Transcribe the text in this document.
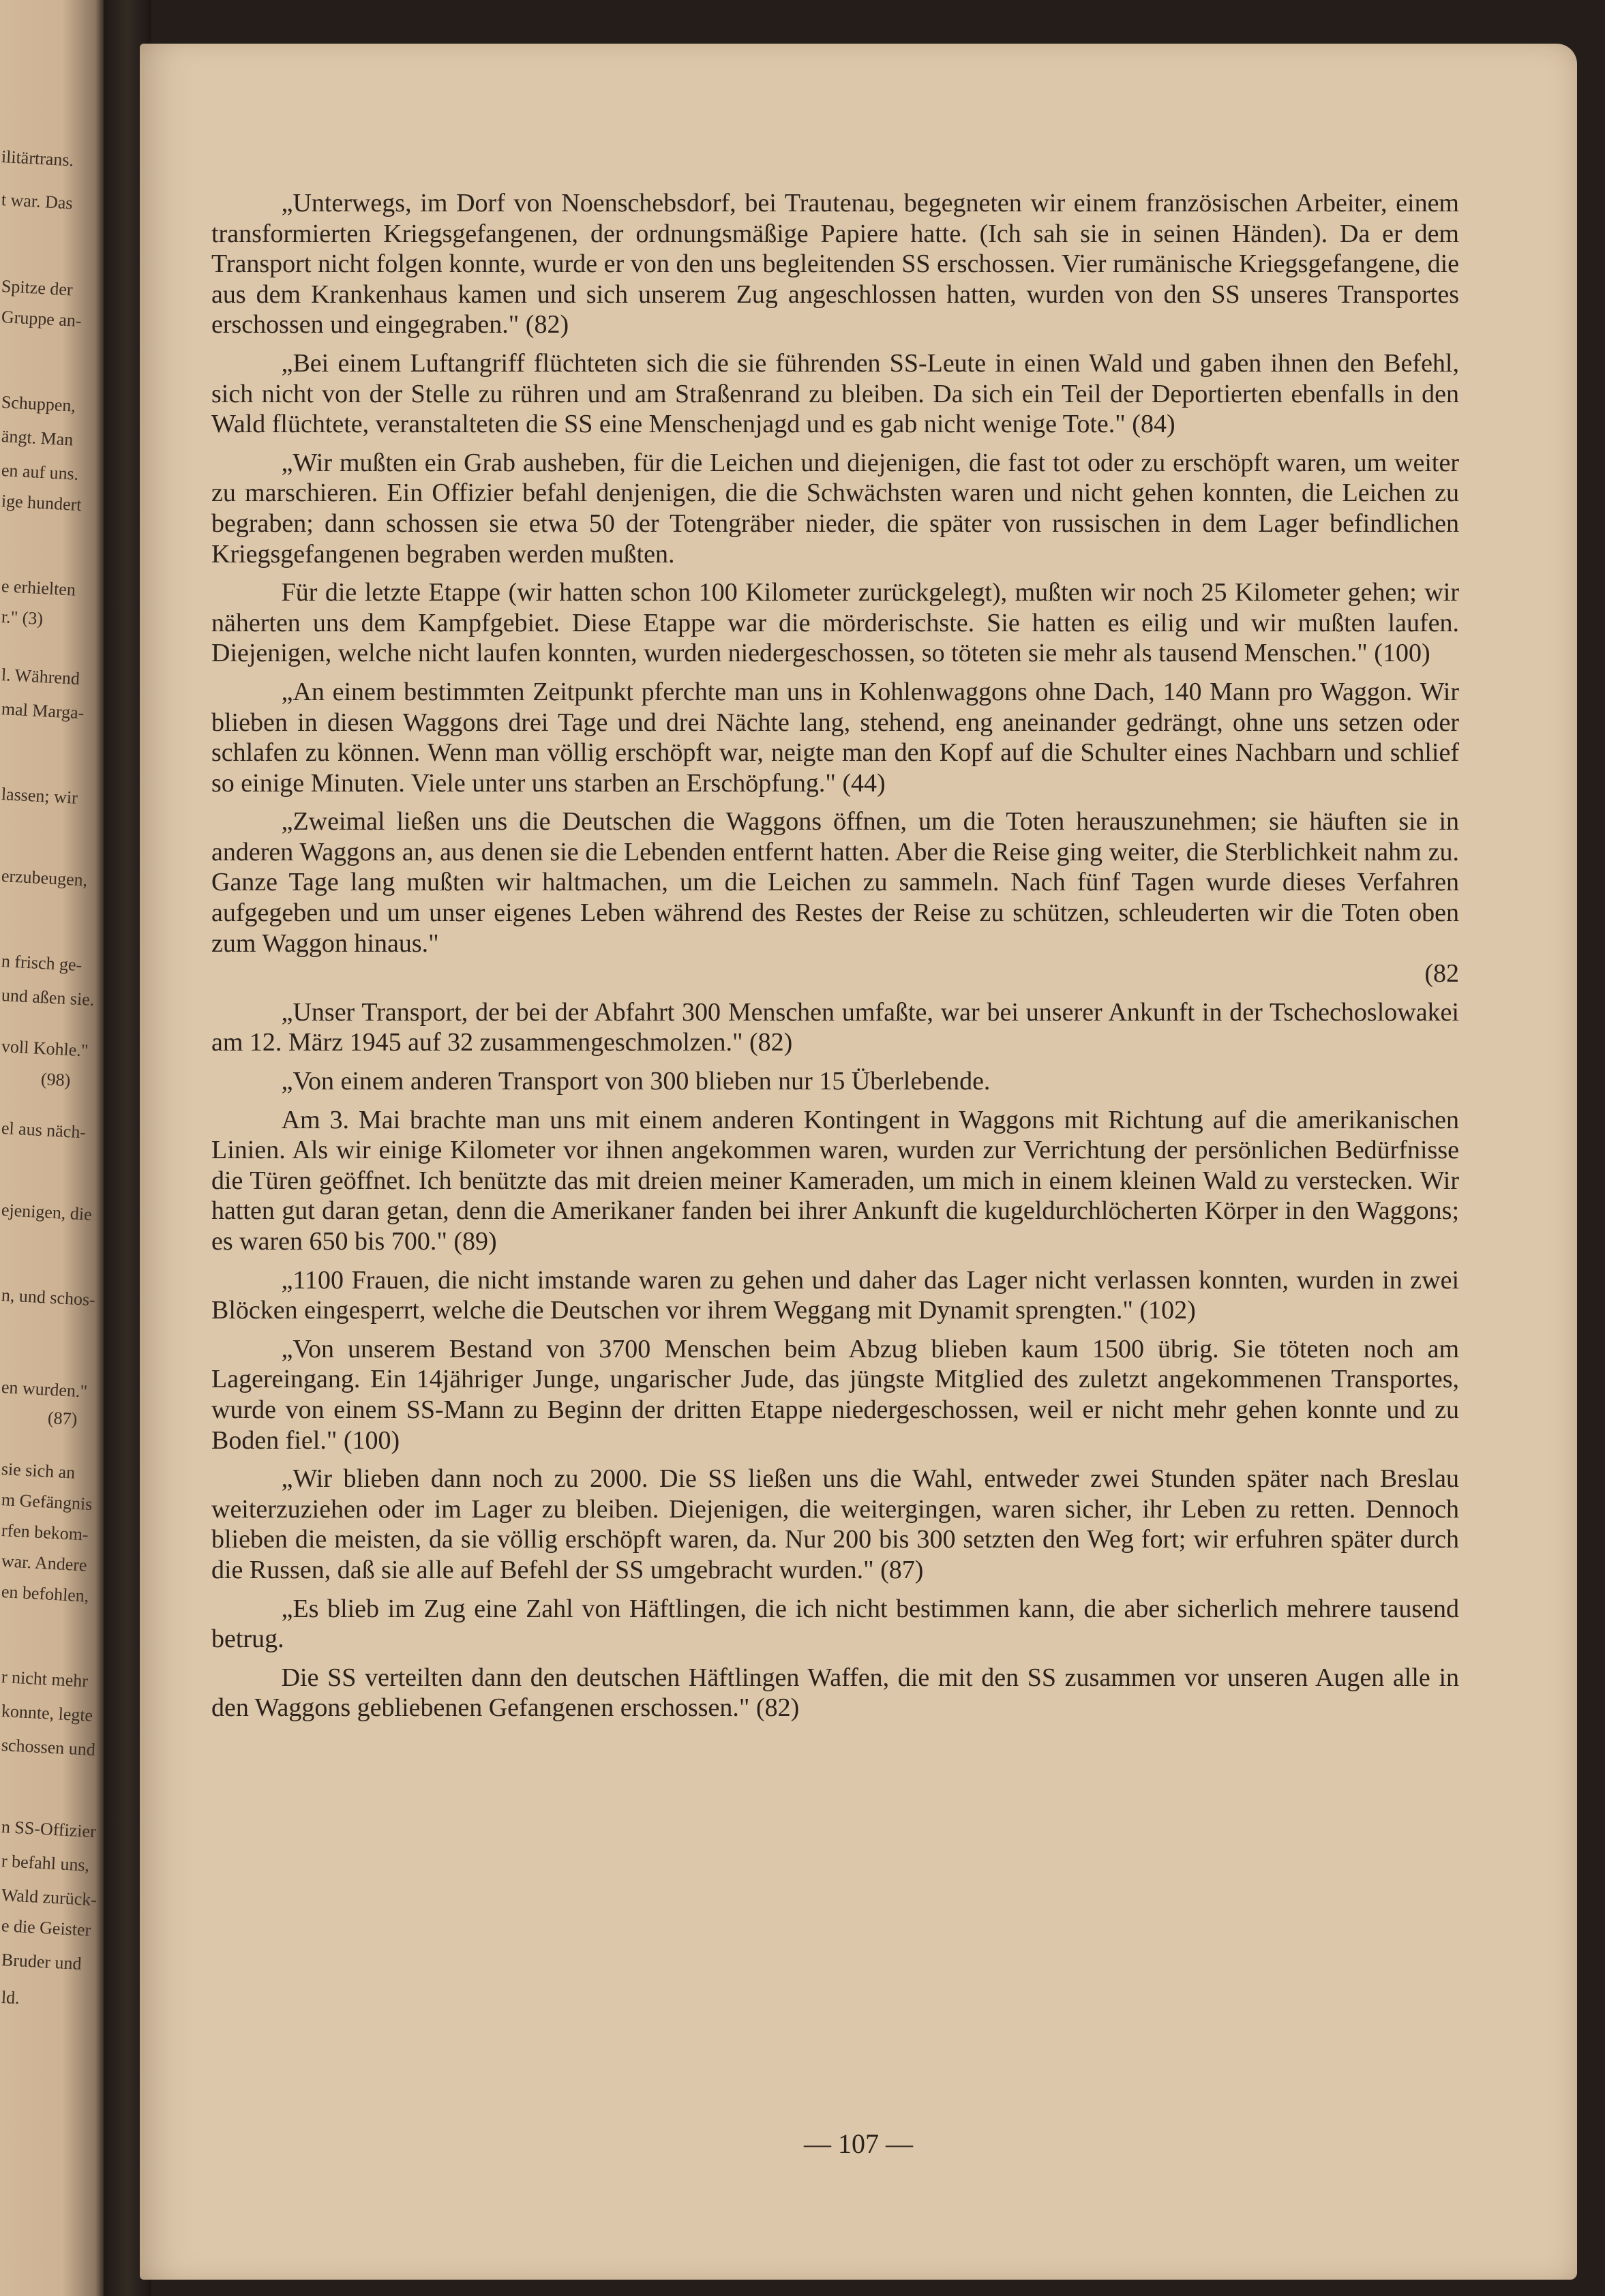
ilitärtrans.
t war. Das
Spitze der
Gruppe an-
Schuppen,
ängt. Man
en auf uns.
ige hundert
e erhielten
r." (3)
l. Während
mal Marga-
lassen; wir
erzubeugen,
n frisch ge-
und aßen sie.
voll Kohle."
(98)
el aus näch-
ejenigen, die
n, und schos-
en wurden."
(87)
sie sich an
m Gefängnis
rfen bekom-
war. Andere
en befohlen,
r nicht mehr
konnte, legte
schossen und
n SS-Offizier
r befahl uns,
Wald zurück-
e die Geister
Bruder und
ld.

„Unterwegs, im Dorf von Noenschebsdorf, bei Trautenau, begegneten wir einem französischen Arbeiter, einem transformierten Kriegsgefangenen, der ordnungsmäßige Papiere hatte. (Ich sah sie in seinen Händen). Da er dem Transport nicht folgen konnte, wurde er von den uns begleitenden SS erschossen. Vier rumänische Kriegsgefangene, die aus dem Krankenhaus kamen und sich unserem Zug angeschlossen hatten, wurden von den SS unseres Transportes erschossen und eingegraben." (82)

„Bei einem Luftangriff flüchteten sich die sie führenden SS-Leute in einen Wald und gaben ihnen den Befehl, sich nicht von der Stelle zu rühren und am Straßenrand zu bleiben. Da sich ein Teil der Deportierten ebenfalls in den Wald flüchtete, veranstalteten die SS eine Menschenjagd und es gab nicht wenige Tote." (84)

„Wir mußten ein Grab ausheben, für die Leichen und diejenigen, die fast tot oder zu erschöpft waren, um weiter zu marschieren. Ein Offizier befahl denjenigen, die die Schwächsten waren und nicht gehen konnten, die Leichen zu begraben; dann schossen sie etwa 50 der Totengräber nieder, die später von russischen in dem Lager befindlichen Kriegsgefangenen begraben werden mußten.

Für die letzte Etappe (wir hatten schon 100 Kilometer zurückgelegt), mußten wir noch 25 Kilometer gehen; wir näherten uns dem Kampfgebiet. Diese Etappe war die mörderischste. Sie hatten es eilig und wir mußten laufen. Diejenigen, welche nicht laufen konnten, wurden niedergeschossen, so töteten sie mehr als tausend Menschen." (100)

„An einem bestimmten Zeitpunkt pferchte man uns in Kohlenwaggons ohne Dach, 140 Mann pro Waggon. Wir blieben in diesen Waggons drei Tage und drei Nächte lang, stehend, eng aneinander gedrängt, ohne uns setzen oder schlafen zu können. Wenn man völlig erschöpft war, neigte man den Kopf auf die Schulter eines Nachbarn und schlief so einige Minuten. Viele unter uns starben an Erschöpfung." (44)

„Zweimal ließen uns die Deutschen die Waggons öffnen, um die Toten herauszunehmen; sie häuften sie in anderen Waggons an, aus denen sie die Lebenden entfernt hatten. Aber die Reise ging weiter, die Sterblichkeit nahm zu. Ganze Tage lang mußten wir haltmachen, um die Leichen zu sammeln. Nach fünf Tagen wurde dieses Verfahren aufgegeben und um unser eigenes Leben während des Restes der Reise zu schützen, schleuderten wir die Toten oben zum Waggon hinaus."

(82

„Unser Transport, der bei der Abfahrt 300 Menschen umfaßte, war bei unserer Ankunft in der Tschechoslowakei am 12. März 1945 auf 32 zusammengeschmolzen." (82)

„Von einem anderen Transport von 300 blieben nur 15 Überlebende.

Am 3. Mai brachte man uns mit einem anderen Kontingent in Waggons mit Richtung auf die amerikanischen Linien. Als wir einige Kilometer vor ihnen angekommen waren, wurden zur Verrichtung der persönlichen Bedürfnisse die Türen geöffnet. Ich benützte das mit dreien meiner Kameraden, um mich in einem kleinen Wald zu verstecken. Wir hatten gut daran getan, denn die Amerikaner fanden bei ihrer Ankunft die kugeldurchlöcherten Körper in den Waggons; es waren 650 bis 700." (89)

„1100 Frauen, die nicht imstande waren zu gehen und daher das Lager nicht verlassen konnten, wurden in zwei Blöcken eingesperrt, welche die Deutschen vor ihrem Weggang mit Dynamit sprengten." (102)

„Von unserem Bestand von 3700 Menschen beim Abzug blieben kaum 1500 übrig. Sie töteten noch am Lagereingang. Ein 14jähriger Junge, ungarischer Jude, das jüngste Mitglied des zuletzt angekommenen Transportes, wurde von einem SS-Mann zu Beginn der dritten Etappe niedergeschossen, weil er nicht mehr gehen konnte und zu Boden fiel." (100)

„Wir blieben dann noch zu 2000. Die SS ließen uns die Wahl, entweder zwei Stunden später nach Breslau weiterzuziehen oder im Lager zu bleiben. Diejenigen, die weitergingen, waren sicher, ihr Leben zu retten. Dennoch blieben die meisten, da sie völlig erschöpft waren, da. Nur 200 bis 300 setzten den Weg fort; wir erfuhren später durch die Russen, daß sie alle auf Befehl der SS umgebracht wurden." (87)

„Es blieb im Zug eine Zahl von Häftlingen, die ich nicht bestimmen kann, die aber sicherlich mehrere tausend betrug.

Die SS verteilten dann den deutschen Häftlingen Waffen, die mit den SS zusammen vor unseren Augen alle in den Waggons gebliebenen Gefangenen erschossen." (82)

— 107 —
